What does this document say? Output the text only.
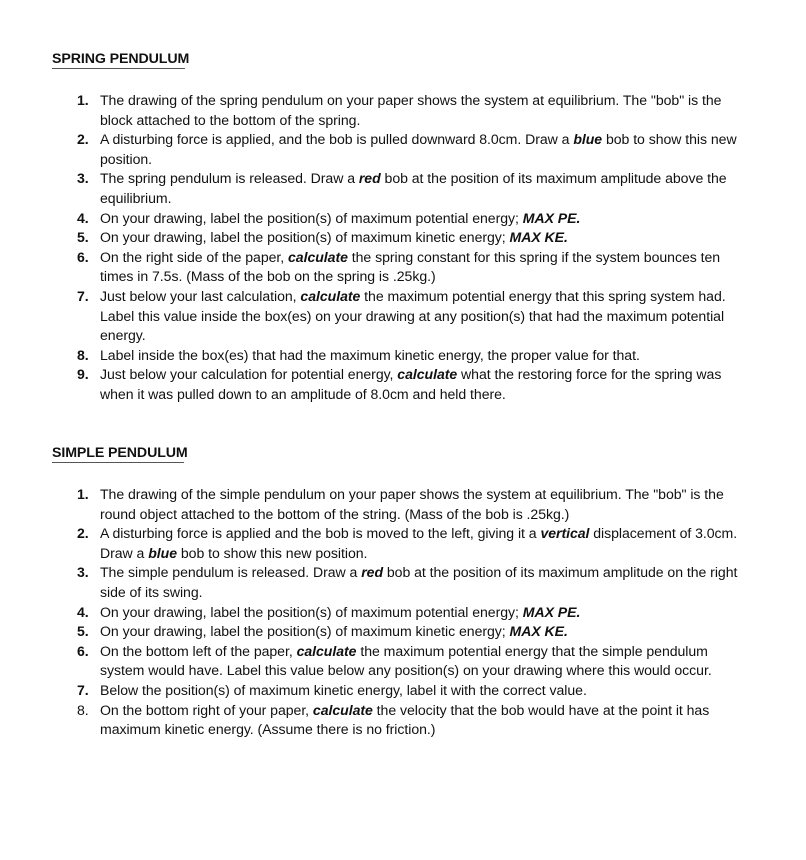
SPRING PENDULUM
1. The drawing of the spring pendulum on your paper shows the system at equilibrium. The "bob" is the block attached to the bottom of the spring.
2. A disturbing force is applied, and the bob is pulled downward 8.0cm. Draw a blue bob to show this new position.
3. The spring pendulum is released. Draw a red bob at the position of its maximum amplitude above the equilibrium.
4. On your drawing, label the position(s) of maximum potential energy; MAX PE.
5. On your drawing, label the position(s) of maximum kinetic energy; MAX KE.
6. On the right side of the paper, calculate the spring constant for this spring if the system bounces ten times in 7.5s. (Mass of the bob on the spring is .25kg.)
7. Just below your last calculation, calculate the maximum potential energy that this spring system had. Label this value inside the box(es) on your drawing at any position(s) that had the maximum potential energy.
8. Label inside the box(es) that had the maximum kinetic energy, the proper value for that.
9. Just below your calculation for potential energy, calculate what the restoring force for the spring was when it was pulled down to an amplitude of 8.0cm and held there.
SIMPLE PENDULUM
1. The drawing of the simple pendulum on your paper shows the system at equilibrium. The "bob" is the round object attached to the bottom of the string. (Mass of the bob is .25kg.)
2. A disturbing force is applied and the bob is moved to the left, giving it a vertical displacement of 3.0cm. Draw a blue bob to show this new position.
3. The simple pendulum is released. Draw a red bob at the position of its maximum amplitude on the right side of its swing.
4. On your drawing, label the position(s) of maximum potential energy; MAX PE.
5. On your drawing, label the position(s) of maximum kinetic energy; MAX KE.
6. On the bottom left of the paper, calculate the maximum potential energy that the simple pendulum system would have. Label this value below any position(s) on your drawing where this would occur.
7. Below the position(s) of maximum kinetic energy, label it with the correct value.
8. On the bottom right of your paper, calculate the velocity that the bob would have at the point it has maximum kinetic energy. (Assume there is no friction.)
